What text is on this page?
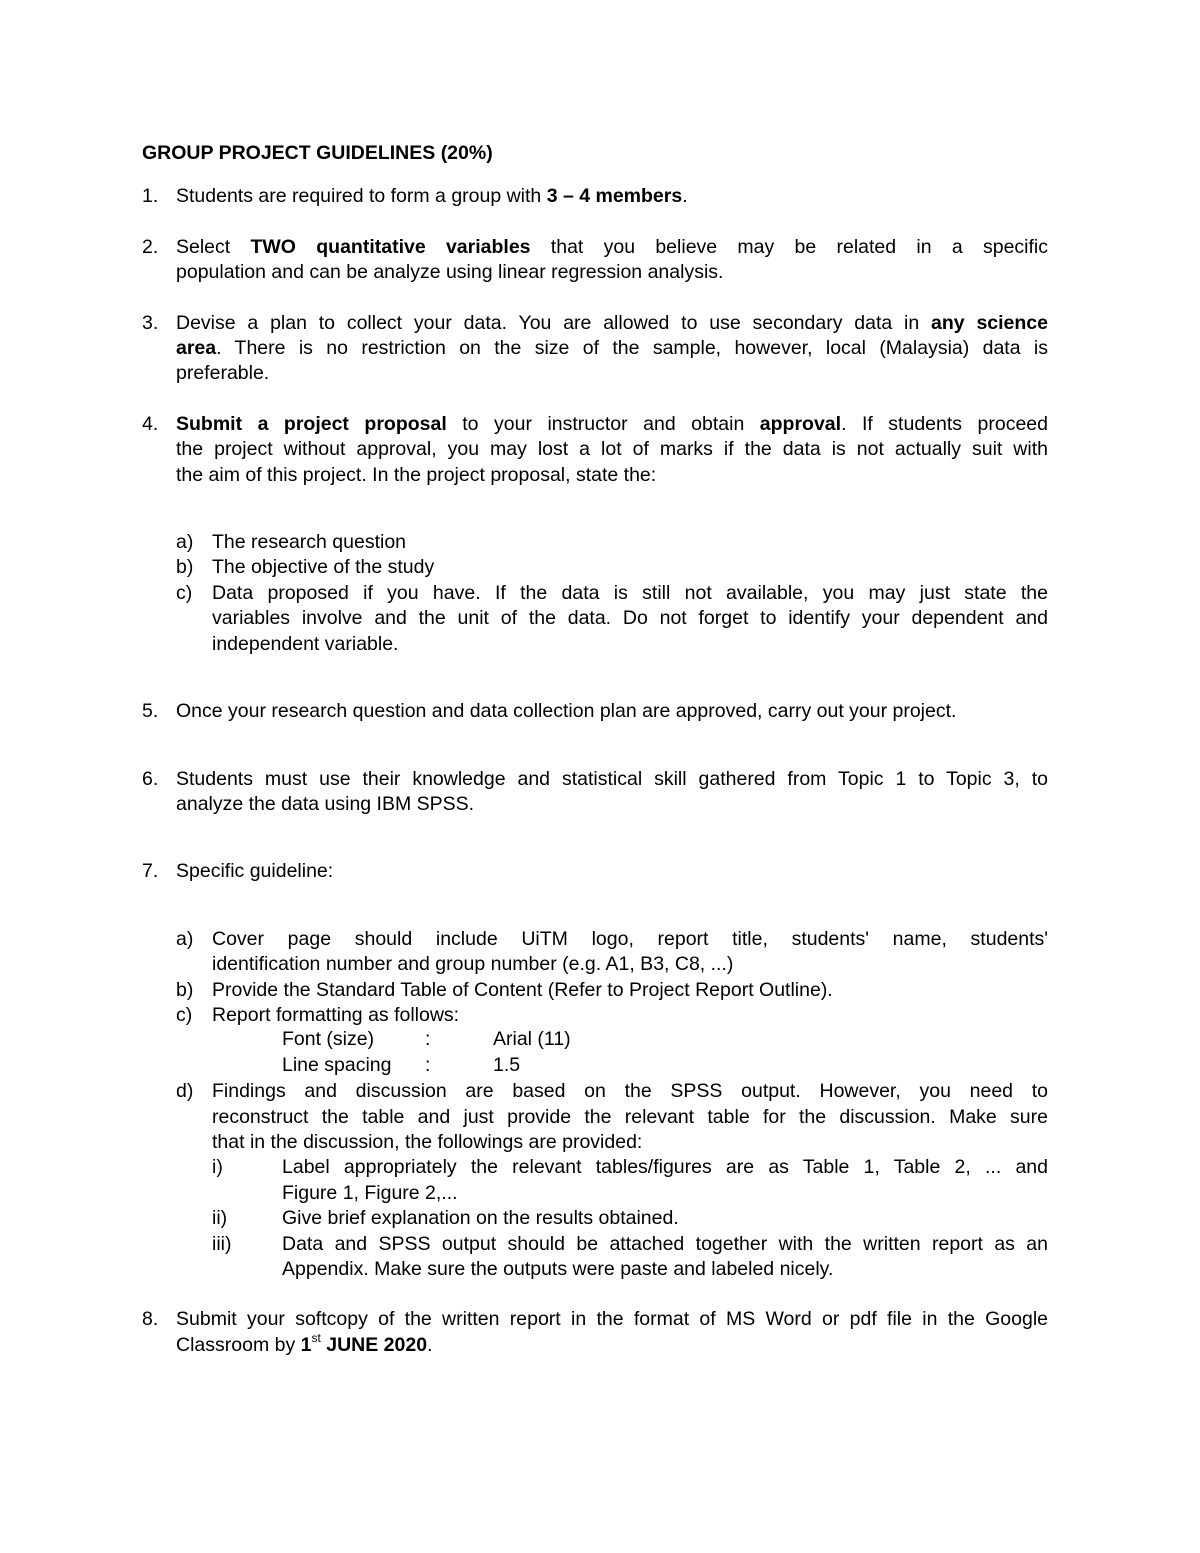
GROUP PROJECT GUIDELINES (20%)
1. Students are required to form a group with 3 – 4 members.
2. Select TWO quantitative variables that you believe may be related in a specific
population and can be analyze using linear regression analysis.
3. Devise a plan to collect your data. You are allowed to use secondary data in any science
area. There is no restriction on the size of the sample, however, local (Malaysia) data is
preferable.
4. Submit a project proposal to your instructor and obtain approval. If students proceed
the project without approval, you may lost a lot of marks if the data is not actually suit with
the aim of this project. In the project proposal, state the:
a) The research question
b) The objective of the study
c) Data proposed if you have. If the data is still not available, you may just state the
variables involve and the unit of the data. Do not forget to identify your dependent and
independent variable.
5. Once your research question and data collection plan are approved, carry out your project.
6. Students must use their knowledge and statistical skill gathered from Topic 1 to Topic 3, to
analyze the data using IBM SPSS.
7. Specific guideline:
a) Cover page should include UiTM logo, report title, students' name, students'
identification number and group number (e.g. A1, B3, C8, ...)
b) Provide the Standard Table of Content (Refer to Project Report Outline).
c) Report formatting as follows:
Font (size)	:	Arial (11)
Line spacing :	1.5
d) Findings and discussion are based on the SPSS output. However, you need to
reconstruct the table and just provide the relevant table for the discussion. Make sure
that in the discussion, the followings are provided:
i)	Label appropriately the relevant tables/figures are as Table 1, Table 2, ... and
Figure 1, Figure 2,...
ii)	Give brief explanation on the results obtained.
iii)	Data and SPSS output should be attached together with the written report as an
Appendix. Make sure the outputs were paste and labeled nicely.
8. Submit your softcopy of the written report in the format of MS Word or pdf file in the Google
Classroom by 1st JUNE 2020.
